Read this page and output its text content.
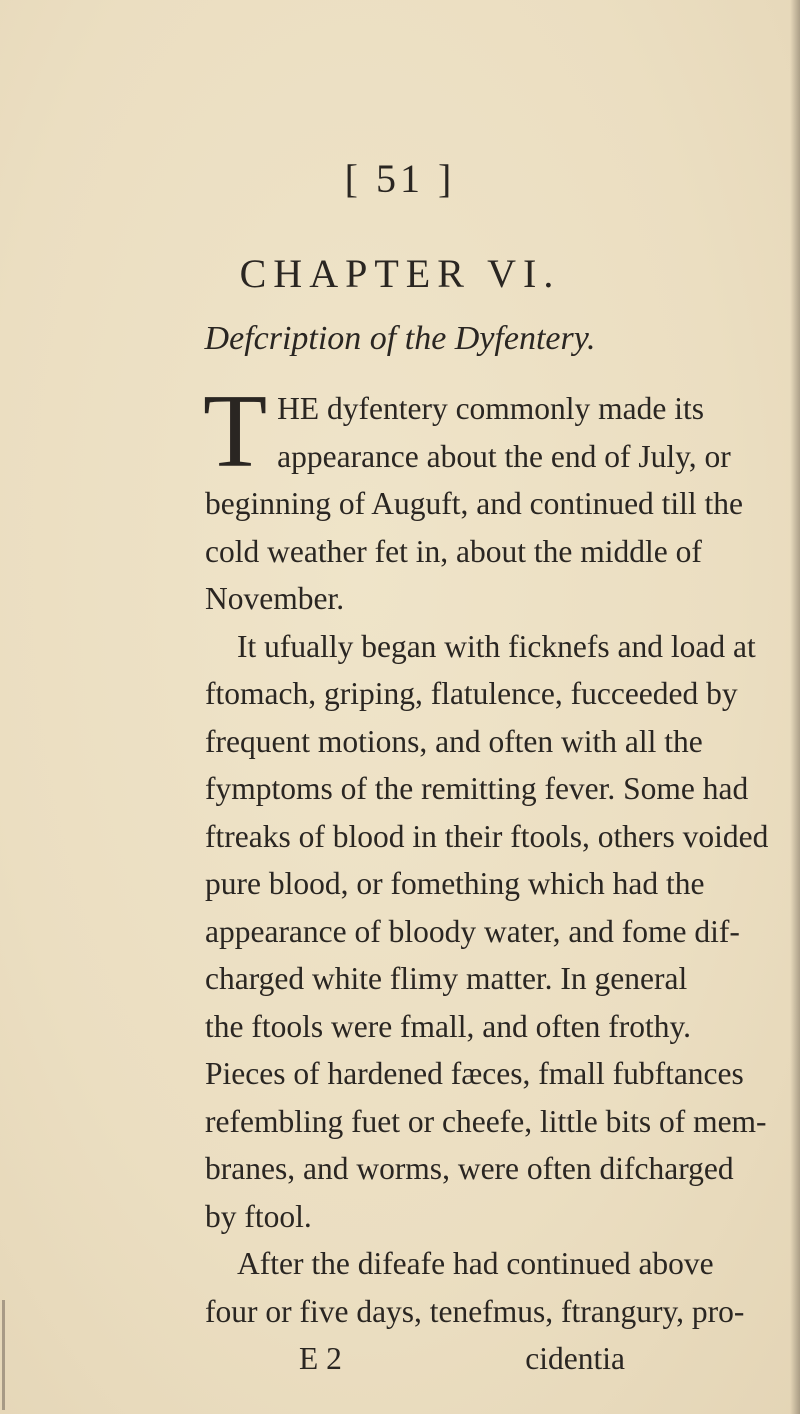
[ 51 ]
CHAPTER VI.
Defcription of the Dyfentery.
T HE dyfentery commonly made its
appearance about the end of July, or
beginning of Auguft, and continued till the
cold weather fet in, about the middle of
November.
It ufually began with ficknefs and load at
ftomach, griping, flatulence, fucceeded by
frequent motions, and often with all the
fymptoms of the remitting fever. Some had
ftreaks of blood in their ftools, others voided
pure blood, or fomething which had the
appearance of bloody water, and fome dif-
charged white flimy matter. In general
the ftools were fmall, and often frothy.
Pieces of hardened fæces, fmall fubftances
refembling fuet or cheefe, little bits of mem-
branes, and worms, were often difcharged
by ftool.
After the difeafe had continued above
four or five days, tenefmus, ftrangury, pro-
E 2	cidentia
